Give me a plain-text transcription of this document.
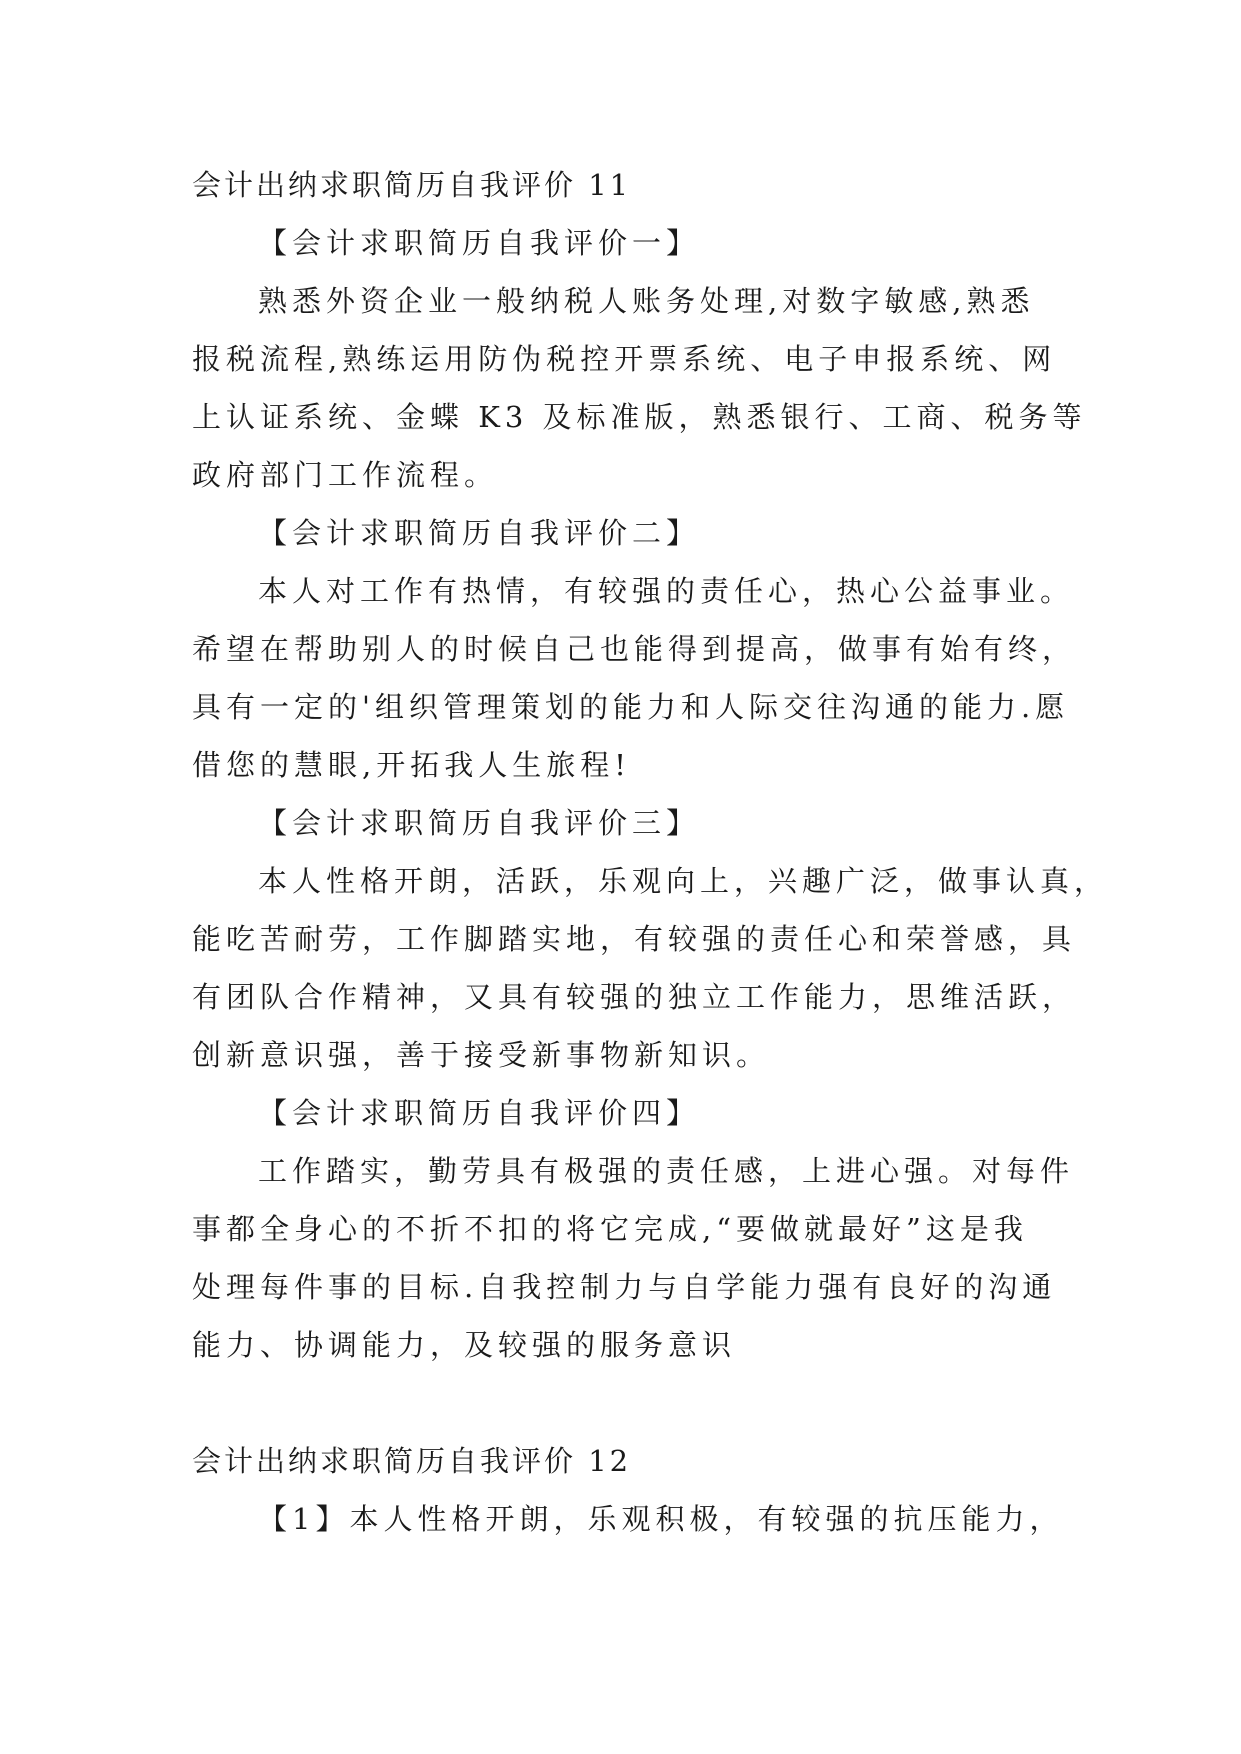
会计出纳求职简历自我评价 11
【会计求职简历自我评价一】
熟悉外资企业一般纳税人账务处理,对数字敏感,熟悉
报税流程,熟练运用防伪税控开票系统、电子申报系统、网
上认证系统、金蝶 K3 及标准版，熟悉银行、工商、税务等
政府部门工作流程。
【会计求职简历自我评价二】
本人对工作有热情，有较强的责任心，热心公益事业。
希望在帮助别人的时候自己也能得到提高，做事有始有终，
具有一定的'组织管理策划的能力和人际交往沟通的能力.愿
借您的慧眼,开拓我人生旅程!
【会计求职简历自我评价三】
本人性格开朗，活跃，乐观向上，兴趣广泛，做事认真，
能吃苦耐劳，工作脚踏实地，有较强的责任心和荣誉感，具
有团队合作精神，又具有较强的独立工作能力，思维活跃，
创新意识强，善于接受新事物新知识。
【会计求职简历自我评价四】
工作踏实，勤劳具有极强的责任感，上进心强。对每件
事都全身心的不折不扣的将它完成,“要做就最好”这是我
处理每件事的目标.自我控制力与自学能力强有良好的沟通
能力、协调能力，及较强的服务意识
会计出纳求职简历自我评价 12
【1】本人性格开朗，乐观积极，有较强的抗压能力，
